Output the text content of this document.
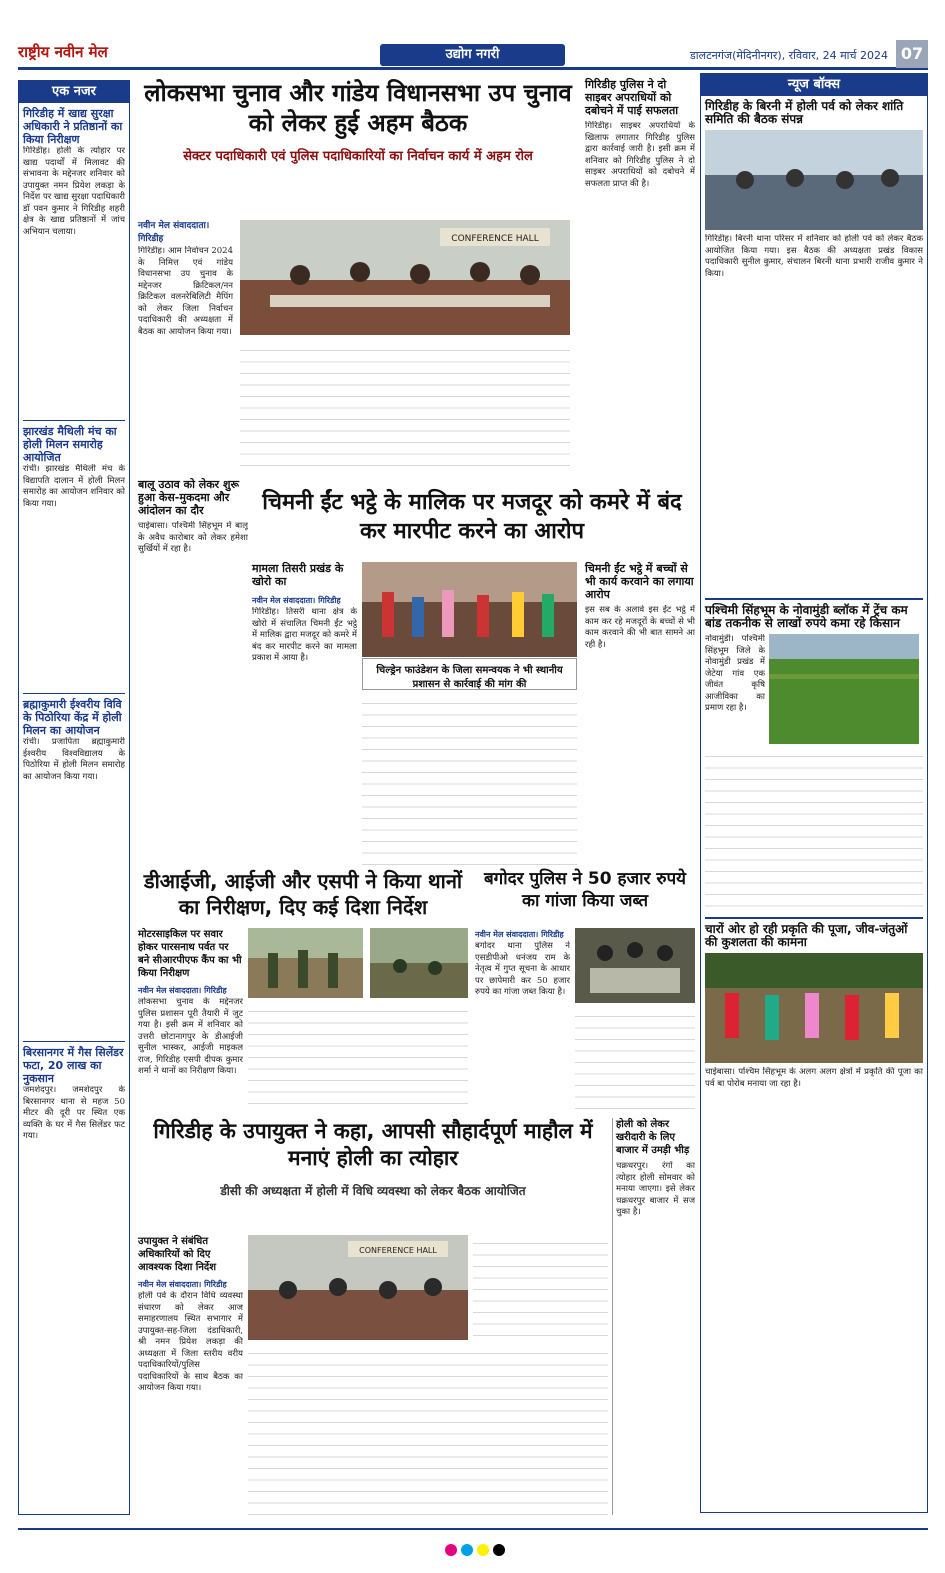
राष्ट्रीय नवीन मेल	उद्योग नगरी	डालटनगंज(मेदिनीनगर), रविवार, 24 मार्च 2024 07
एक नजर
गिरिडीह में खाद्य सुरक्षा अधिकारी ने प्रतिष्ठानों का किया निरीक्षण
गिरिडीह। होली के त्योहार पर खाद्य पदार्थों में मिलावट की संभावना के मद्देनजर शनिवार को उपायुक्त नमन प्रियेश लकड़ा के निर्देश पर खाद्य सुरक्षा पदाधिकारी डॉ पवन कुमार ने गिरिडीह शहरी क्षेत्र के खाद्य प्रतिष्ठानों में जांच अभियान चलाया।
झारखंड मैथिली मंच का होली मिलन समारोह आयोजित
रांची। झारखंड मैथिली मंच के विद्यापति दालान में होली मिलन समारोह का आयोजन शनिवार को किया गया।
ब्रह्माकुमारी ईश्वरीय विवि के पिठोरिया केंद्र में होली मिलन का आयोजन
रांची। प्रजापिता ब्रह्माकुमारी ईश्वरीय विश्वविद्यालय के पिठोरिया में होली मिलन समारोह का आयोजन किया गया।
बिरसानगर में गैस सिलेंडर फटा, 20 लाख का नुकसान
जमशेदपुर। जमशेदपुर के बिरसानगर थाना से महज 50 मीटर की दूरी पर स्थित एक व्यक्ति के घर में गैस सिलेंडर फट गया।
लोकसभा चुनाव और गांडेय विधानसभा उप चुनाव को लेकर हुई अहम बैठक
सेक्टर पदाधिकारी एवं पुलिस पदाधिकारियों का निर्वाचन कार्य में अहम रोल
नवीन मेल संवाददाता। गिरिडीह
गिरिडीह। आम निर्वाचन 2024 के निमित्त एवं गांडेय विधानसभा उप चुनाव के मद्देनजर क्रिटिकल/नन क्रिटिकल वलनरेबिलिटी मैपिंग को लेकर जिला निर्वाचन पदाधिकारी की अध्यक्षता में बैठक का आयोजन किया गया।
CONFERENCE HALL
गिरिडीह पुलिस ने दो साइबर अपराधियों को दबोचने में पाई सफलता
गिरिडीह। साइबर अपराधियों के खिलाफ लगातार गिरिडीह पुलिस द्वारा कार्रवाई जारी है। इसी क्रम में शनिवार को गिरिडीह पुलिस ने दो साइबर अपराधियों को दबोचने में सफलता प्राप्त की है।
न्यूज बॉक्स
गिरिडीह के बिरनी में होली पर्व को लेकर शांति समिति की बैठक संपन्न
गिरिडीह। बिरनी थाना परिसर में शनिवार को होली पर्व को लेकर बैठक आयोजित किया गया। इस बैठक की अध्यक्षता प्रखंड विकास पदाधिकारी सुनील कुमार, संचालन बिरनी थाना प्रभारी राजीव कुमार ने किया।
पश्चिमी सिंहभूम के नोवामुंडी ब्लॉक में ट्रेंच कम बांड तकनीक से लाखों रुपये कमा रहे किसान
नोवामुंडी। पश्चिमी सिंहभूम जिले के नोवामुंडी प्रखंड में जेटेया गांव एक जीवंत कृषि आजीविका का प्रमाण रहा है।
चारों ओर हो रही प्रकृति की पूजा, जीव-जंतुओं की कुशलता की कामना
चाईबासा। पश्चिम सिंहभूम के अलग अलग क्षेत्रों में प्रकृति की पूजा का पर्व बा पोरोब मनाया जा रहा है।
बालू उठाव को लेकर शुरू हुआ केस-मुकदमा और आंदोलन का दौर
चाईबासा। पश्चिमी सिंहभूम में बालू के अवैध कारोबार को लेकर हमेशा सुर्खियों में रहा है।
चिमनी ईंट भट्ठे के मालिक पर मजदूर को कमरे में बंद कर मारपीट करने का आरोप
मामला तिसरी प्रखंड के खोरो का
नवीन मेल संवाददाता। गिरिडीह
गिरिडीह। तिसरी थाना क्षेत्र के खोरो में संचालित चिमनी ईंट भट्ठे में मालिक द्वारा मजदूर को कमरे में बंद कर मारपीट करने का मामला प्रकाश में आया है।
चिल्ड्रेन फाउंडेशन के जिला समन्वयक ने भी स्थानीय प्रशासन से कार्रवाई की मांग की
चिमनी ईंट भट्ठे में बच्चों से भी कार्य करवाने का लगाया आरोप
इस सब के अलावे इस ईंट भट्ठे में काम कर रहे मजदूरों के बच्चों से भी काम करवाने की भी बात सामने आ रही है।
डीआईजी, आईजी और एसपी ने किया थानों का निरीक्षण, दिए कई दिशा निर्देश
मोटरसाइकिल पर सवार होकर पारसनाथ पर्वत पर बने सीआरपीएफ कैंप का भी किया निरीक्षण
नवीन मेल संवाददाता। गिरिडीह
लोकसभा चुनाव के मद्देनजर पुलिस प्रशासन पूरी तैयारी में जुट गया है। इसी क्रम में शनिवार को उत्तरी छोटानागपुर के डीआईजी सुनील भास्कर, आईजी माइकल राज, गिरिडीह एसपी दीपक कुमार शर्मा ने थानों का निरीक्षण किया।
बगोदर पुलिस ने 50 हजार रुपये का गांजा किया जब्त
नवीन मेल संवाददाता। गिरिडीह
बगोदर थाना पुलिस ने एसडीपीओ धनंजय राम के नेतृत्व में गुप्त सूचना के आधार पर छापेमारी कर 50 हजार रुपये का गांजा जब्त किया है।
गिरिडीह के उपायुक्त ने कहा, आपसी सौहार्दपूर्ण माहौल में मनाएं होली का त्योहार
डीसी की अध्यक्षता में होली में विधि व्यवस्था को लेकर बैठक आयोजित
उपायुक्त ने संबंधित अधिकारियों को दिए आवश्यक दिशा निर्देश
नवीन मेल संवाददाता। गिरिडीह
होली पर्व के दौरान विधि व्यवस्था संधारण को लेकर आज समाहरणालय स्थित सभागार में उपायुक्त-सह-जिला दंडाधिकारी, श्री नमन प्रियेश लकड़ा की अध्यक्षता में जिला स्तरीय वरीय पदाधिकारियों/पुलिस पदाधिकारियों के साथ बैठक का आयोजन किया गया।
CONFERENCE HALL
होली को लेकर खरीदारी के लिए बाजार में उमड़ी भीड़
चक्रधरपुर। रंगों का त्योहार होली सोमवार को मनाया जाएगा। इसे लेकर चक्रधरपुर बाजार में सज चुका है।
